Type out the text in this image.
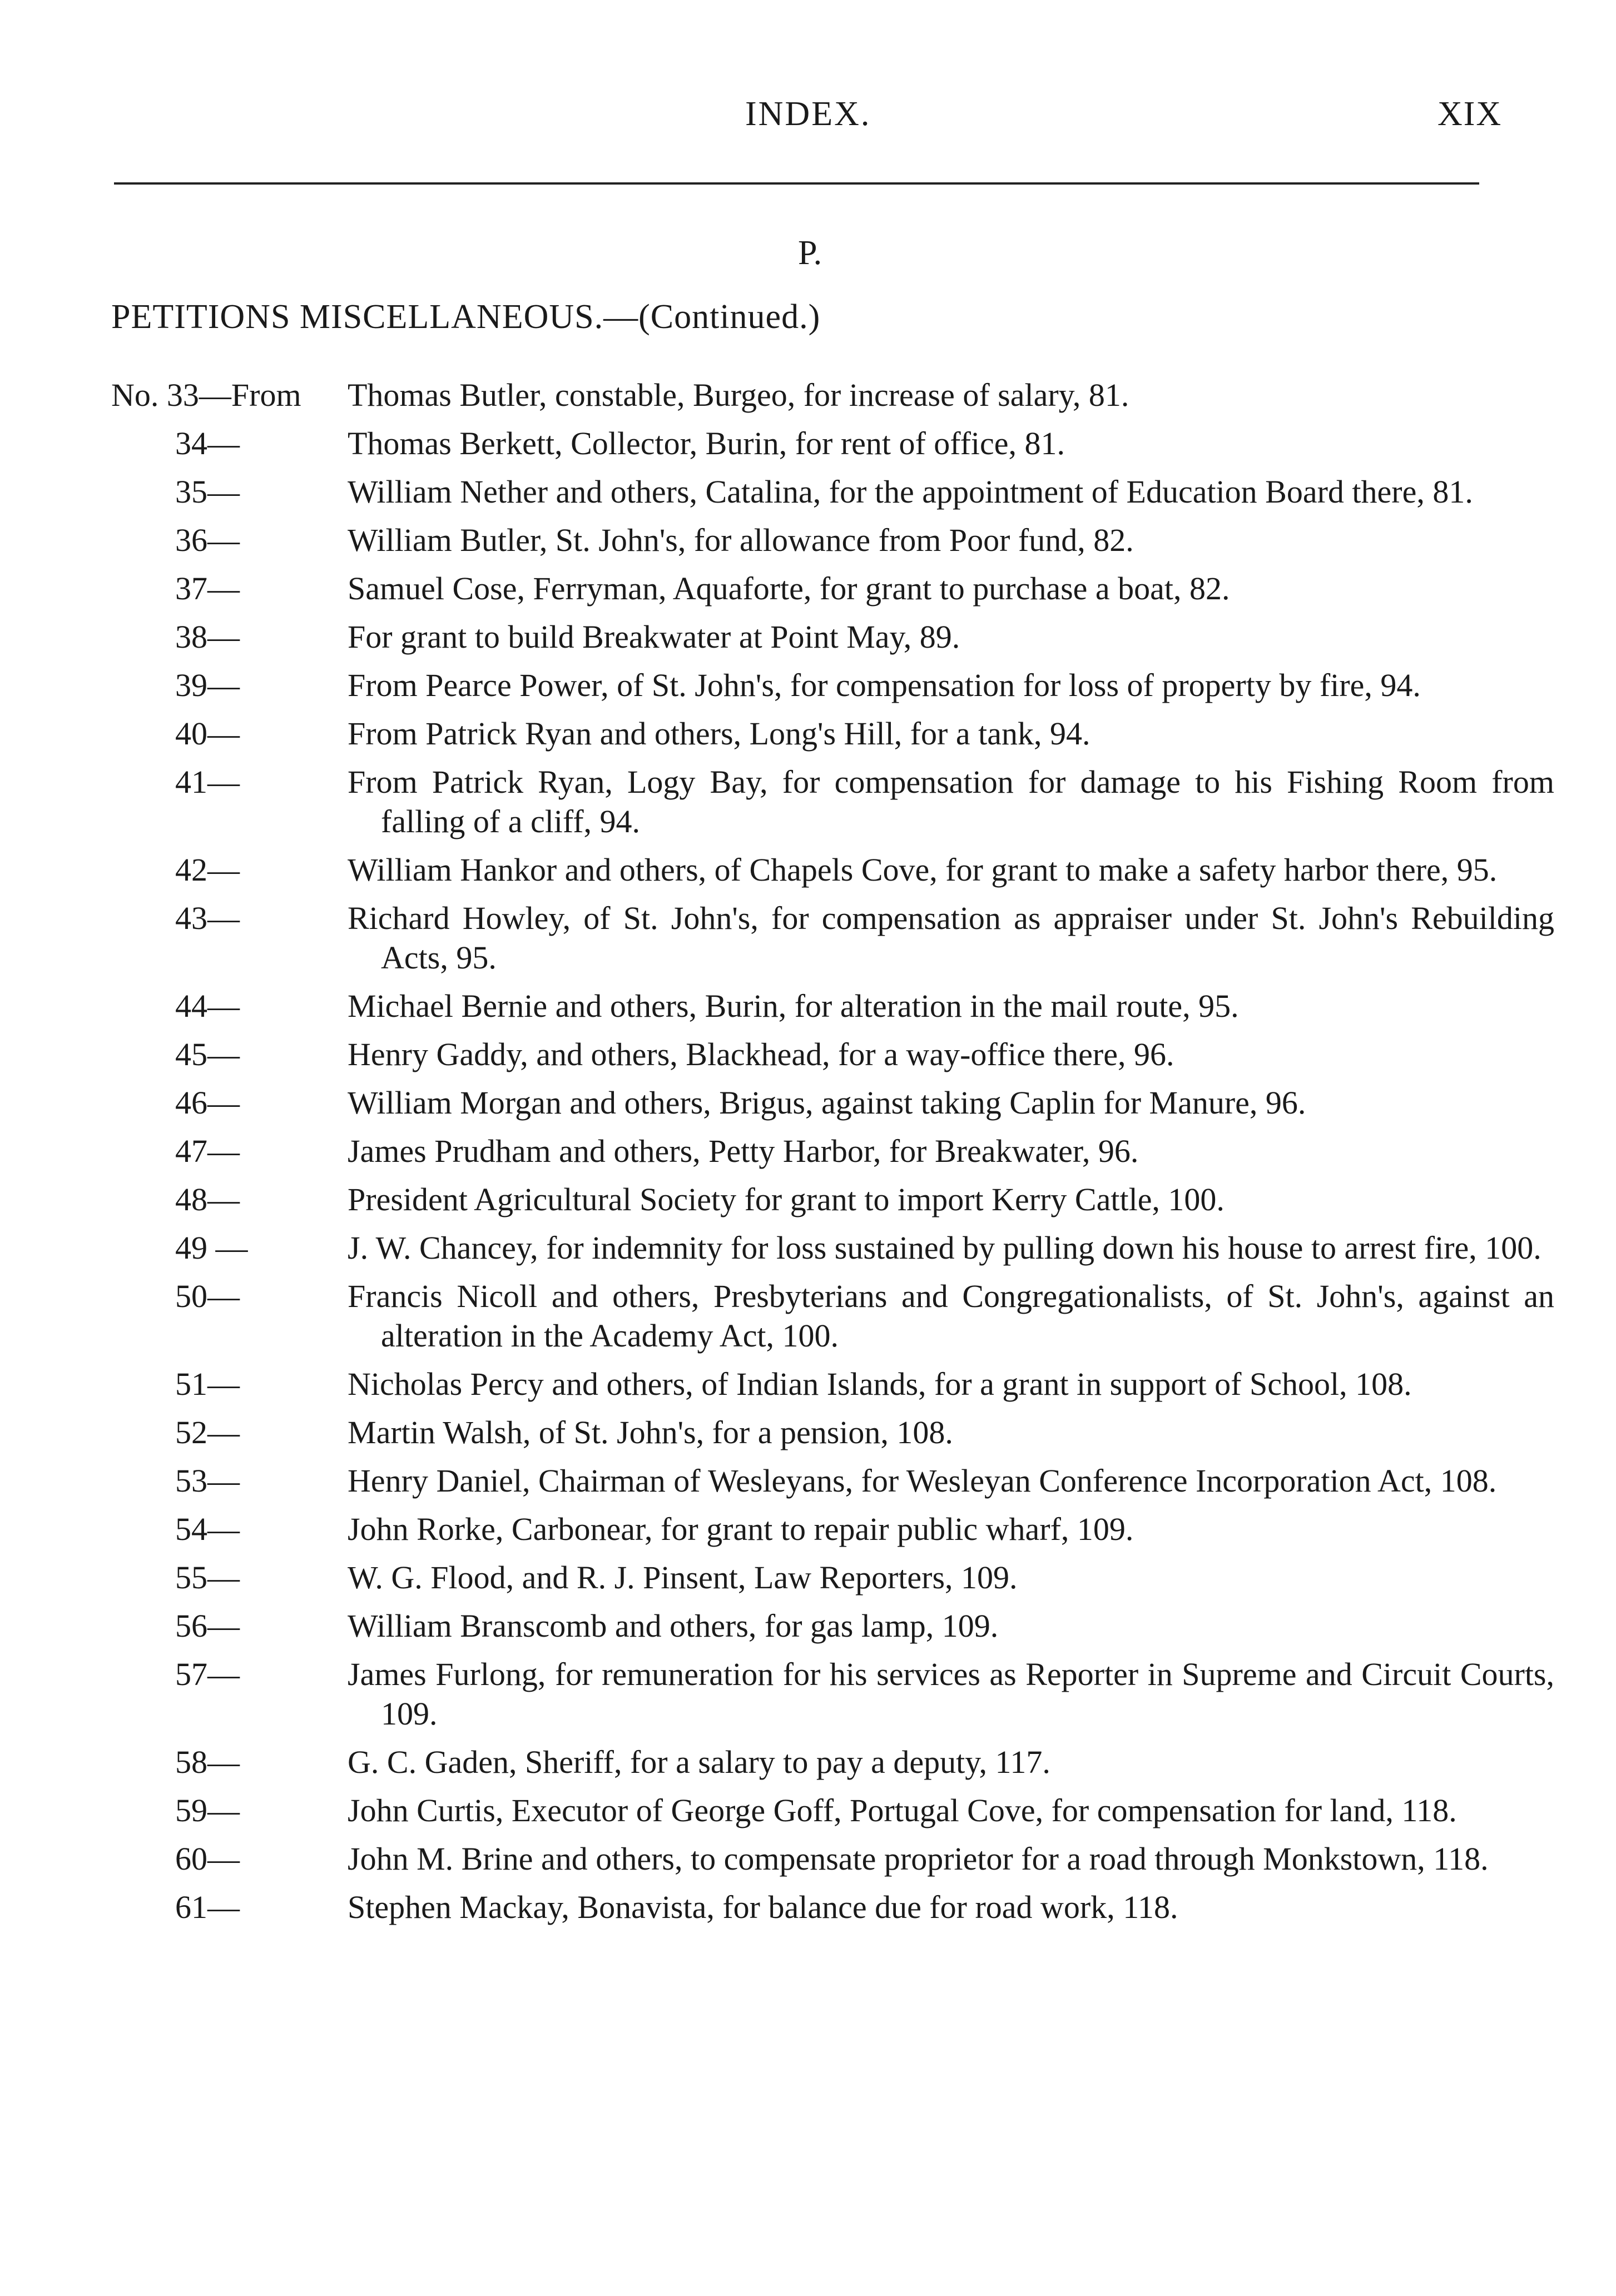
INDEX.	XIX
P.
PETITIONS MISCELLANEOUS.—(Continued.)
No. 33—From Thomas Butler, constable, Burgeo, for increase of salary, 81.
34—	Thomas Berkett, Collector, Burin, for rent of office, 81.
35—	William Nether and others, Catalina, for the appointment of Education Board there, 81.
36—	William Butler, St. John's, for allowance from Poor fund, 82.
37—	Samuel Cose, Ferryman, Aquaforte, for grant to purchase a boat, 82.
38—	For grant to build Breakwater at Point May, 89.
39—	From Pearce Power, of St. John's, for compensation for loss of property by fire, 94.
40—	From Patrick Ryan and others, Long's Hill, for a tank, 94.
41—	From Patrick Ryan, Logy Bay, for compensation for damage to his Fishing Room from falling of a cliff, 94.
42—	William Hankor and others, of Chapels Cove, for grant to make a safety harbor there, 95.
43—	Richard Howley, of St. John's, for compensation as appraiser under St. John's Rebuilding Acts, 95.
44—	Michael Bernie and others, Burin, for alteration in the mail route, 95.
45—	Henry Gaddy, and others, Blackhead, for a way-office there, 96.
46—	William Morgan and others, Brigus, against taking Caplin for Manure, 96.
47—	James Prudham and others, Petty Harbor, for Breakwater, 96.
48—	President Agricultural Society for grant to import Kerry Cattle, 100.
49 —	J. W. Chancey, for indemnity for loss sustained by pulling down his house to arrest fire, 100.
50—	Francis Nicoll and others, Presbyterians and Congregationalists, of St. John's, against an alteration in the Academy Act, 100.
51—	Nicholas Percy and others, of Indian Islands, for a grant in support of School, 108.
52—	Martin Walsh, of St. John's, for a pension, 108.
53—	Henry Daniel, Chairman of Wesleyans, for Wesleyan Conference Incorporation Act, 108.
54—	John Rorke, Carbonear, for grant to repair public wharf, 109.
55—	W. G. Flood, and R. J. Pinsent, Law Reporters, 109.
56—	William Branscomb and others, for gas lamp, 109.
57—	James Furlong, for remuneration for his services as Reporter in Supreme and Circuit Courts, 109.
58—	G. C. Gaden, Sheriff, for a salary to pay a deputy, 117.
59—	John Curtis, Executor of George Goff, Portugal Cove, for compensation for land, 118.
60—	John M. Brine and others, to compensate proprietor for a road through Monkstown, 118.
61—	Stephen Mackay, Bonavista, for balance due for road work, 118.
